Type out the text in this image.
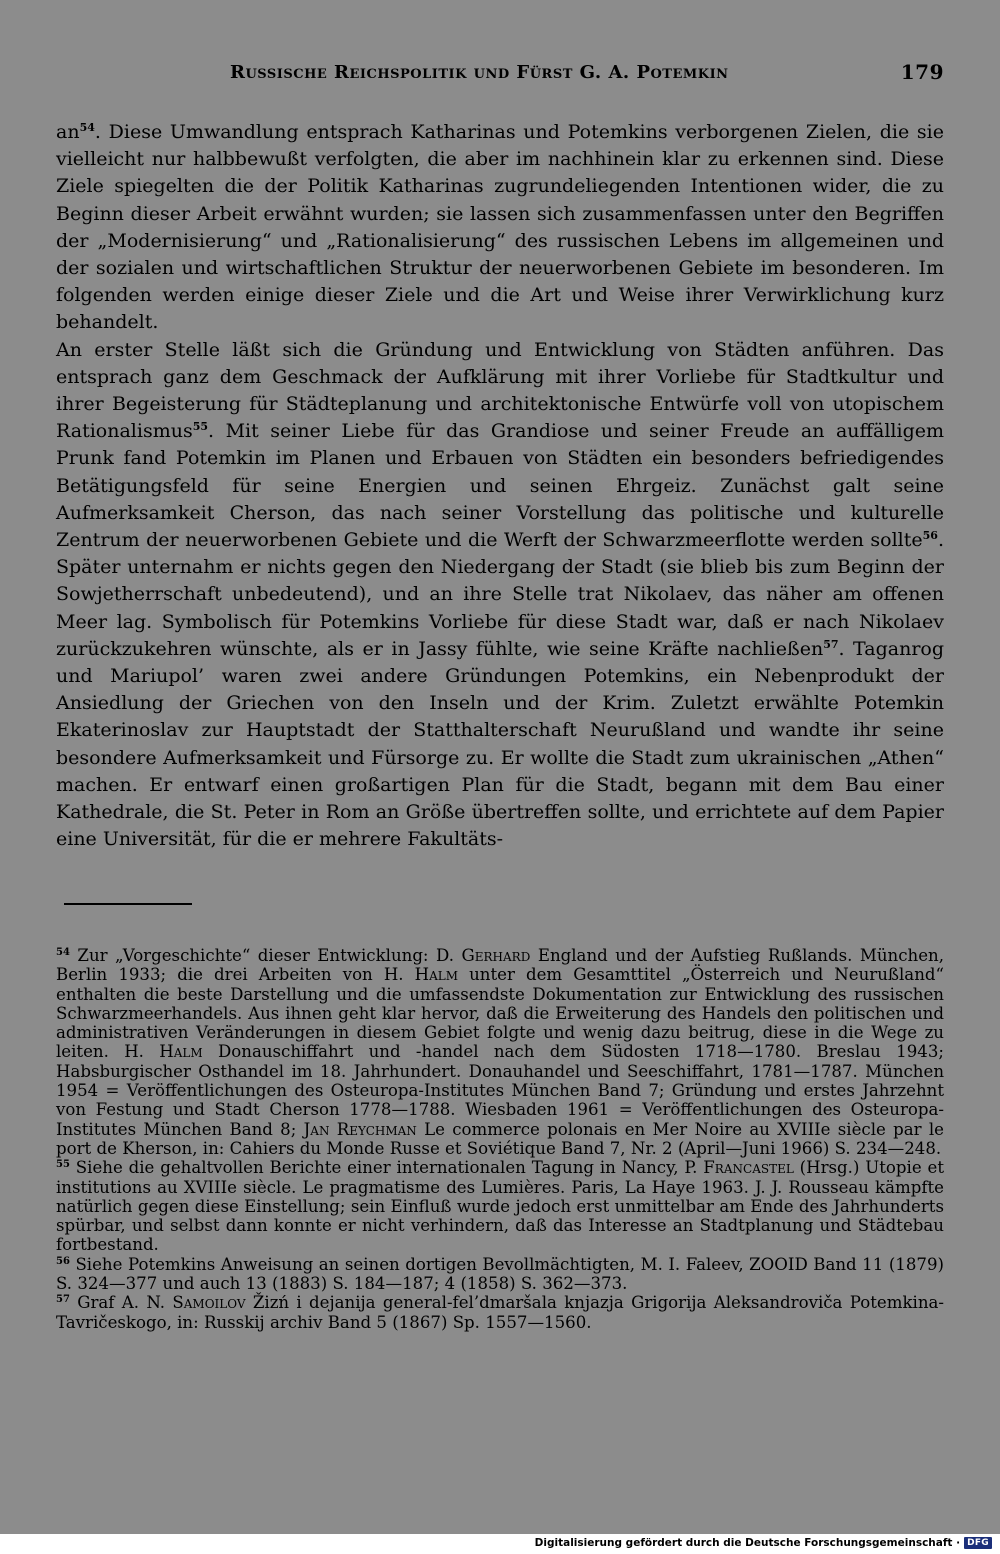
Russische Reichspolitik und Fürst G. A. Potemkin	179

$an^{54}$. Diese Umwandlung entsprach Katharinas und Potemkins verborgenen Zielen, die sie vielleicht nur halbbewußt verfolgten, die aber im nachhinein klar zu erkennen sind. Diese Ziele spiegelten die der Politik Katharinas zugrundeliegenden Intentionen wider, die zu Beginn dieser Arbeit erwähnt wurden; sie lassen sich zusammenfassen unter den Begriffen der „Modernisierung“ und „Rationalisierung“ des russischen Lebens im allgemeinen und der sozialen und wirtschaftlichen Struktur der neuerworbenen Gebiete im besonderen. Im folgenden werden einige dieser Ziele und die Art und Weise ihrer Verwirklichung kurz behandelt.

An erster Stelle läßt sich die Gründung und Entwicklung von Städten anführen. Das entsprach ganz dem Geschmack der Aufklärung mit ihrer Vorliebe für Stadtkultur und ihrer Begeisterung für Städteplanung und architektonische Entwürfe voll von utopischem Rationalismus$^{55}$. Mit seiner Liebe für das Grandiose und seiner Freude an auffälligem Prunk fand Potemkin im Planen und Erbauen von Städten ein besonders befriedigendes Betätigungsfeld für seine Energien und seinen Ehrgeiz. Zunächst galt seine Aufmerksamkeit Cherson, das nach seiner Vorstellung das politische und kulturelle Zentrum der neuerworbenen Gebiete und die Werft der Schwarzmeerflotte werden sollte$^{56}$. Später unternahm er nichts gegen den Niedergang der Stadt (sie blieb bis zum Beginn der Sowjetherrschaft unbedeutend), und an ihre Stelle trat Nikolaev, das näher am offenen Meer lag. Symbolisch für Potemkins Vorliebe für diese Stadt war, daß er nach Nikolaev zurückzukehren wünschte, als er in Jassy fühlte, wie seine Kräfte nachließen$^{57}$. Taganrog und Mariupol’ waren zwei andere Gründungen Potemkins, ein Nebenprodukt der Ansiedlung der Griechen von den Inseln und der Krim. Zuletzt erwählte Potemkin Ekaterinoslav zur Hauptstadt der Statthalterschaft Neurußland und wandte ihr seine besondere Aufmerksamkeit und Fürsorge zu. Er wollte die Stadt zum ukrainischen „Athen“ machen. Er entwarf einen großartigen Plan für die Stadt, begann mit dem Bau einer Kathedrale, die St. Peter in Rom an Größe übertreffen sollte, und errichtete auf dem Papier eine Universität, für die er mehrere Fakultäts-

$^{54}$ Zur „Vorgeschichte“ dieser Entwicklung: D. Gerhard England und der Aufstieg Rußlands. München, Berlin 1933; die drei Arbeiten von H. Halm unter dem Gesamttitel „Österreich und Neurußland“ enthalten die beste Darstellung und die umfassendste Dokumentation zur Entwicklung des russischen Schwarzmeerhandels. Aus ihnen geht klar hervor, daß die Erweiterung des Handels den politischen und administrativen Veränderungen in diesem Gebiet folgte und wenig dazu beitrug, diese in die Wege zu leiten. H. Halm Donauschiffahrt und -handel nach dem Südosten 1718—1780. Breslau 1943; Habsburgischer Osthandel im 18. Jahrhundert. Donauhandel und Seeschiffahrt, 1781—1787. München 1954 = Veröffentlichungen des Osteuropa-Institutes München Band 7; Gründung und erstes Jahrzehnt von Festung und Stadt Cherson 1778—1788. Wiesbaden 1961 = Veröffentlichungen des Osteuropa-Institutes München Band 8; Jan Reychman Le commerce polonais en Mer Noire au XVIIIe siècle par le port de Kherson, in: Cahiers du Monde Russe et Soviétique Band 7, Nr. 2 (April—Juni 1966) S. 234—248.

$^{55}$ Siehe die gehaltvollen Berichte einer internationalen Tagung in Nancy, P. Francastel (Hrsg.) Utopie et institutions au XVIIIe siècle. Le pragmatisme des Lumières. Paris, La Haye 1963. J. J. Rousseau kämpfte natürlich gegen diese Einstellung; sein Einfluß wurde jedoch erst unmittelbar am Ende des Jahrhunderts spürbar, und selbst dann konnte er nicht verhindern, daß das Interesse an Stadtplanung und Städtebau fortbestand.

$^{56}$ Siehe Potemkins Anweisung an seinen dortigen Bevollmächtigten, M. I. Faleev, ZOOID Band 11 (1879) S. 324—377 und auch 13 (1883) S. 184—187; 4 (1858) S. 362—373.

$^{57}$ Graf A. N. Samoilov Žizń i dejanija general-fel’dmaršala knjazja Grigorija Aleksandroviča Potemkina-Tavričeskogo, in: Russkij archiv Band 5 (1867) Sp. 1557—1560.

Digitalisierung gefördert durch die Deutsche Forschungsgemeinschaft · DFG
